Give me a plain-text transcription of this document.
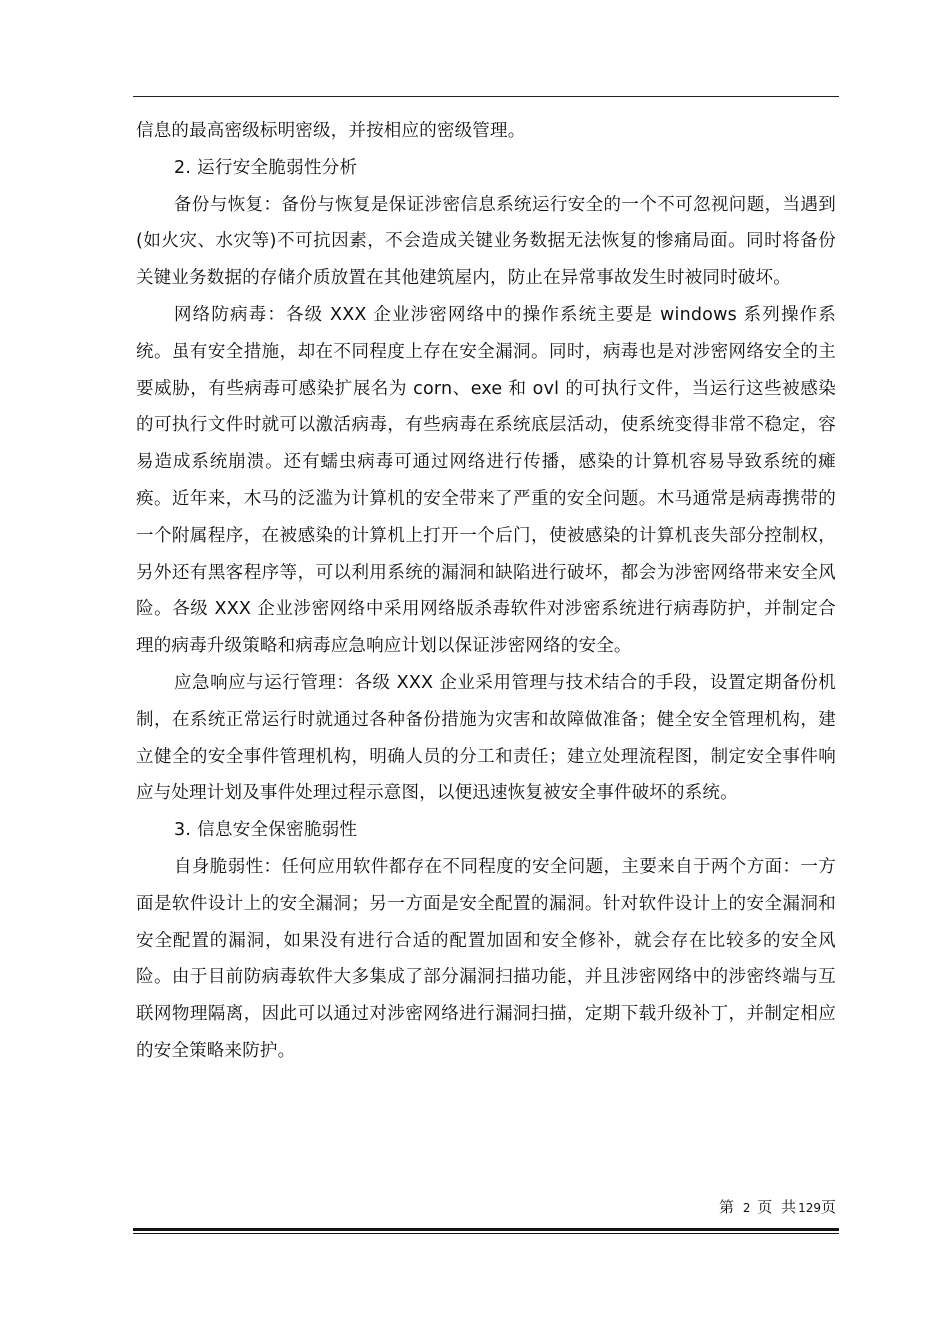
信息的最高密级标明密级，并按相应的密级管理。

2. 运行安全脆弱性分析

备份与恢复：备份与恢复是保证涉密信息系统运行安全的一个不可忽视问题，当遇到(如火灾、水灾等)不可抗因素，不会造成关键业务数据无法恢复的惨痛局面。同时将备份关键业务数据的存储介质放置在其他建筑屋内，防止在异常事故发生时被同时破坏。

网络防病毒：各级 XXX 企业涉密网络中的操作系统主要是 windows 系列操作系统。虽有安全措施，却在不同程度上存在安全漏洞。同时，病毒也是对涉密网络安全的主要威胁，有些病毒可感染扩展名为 corn、exe 和 ovl 的可执行文件，当运行这些被感染的可执行文件时就可以激活病毒，有些病毒在系统底层活动，使系统变得非常不稳定，容易造成系统崩溃。还有蠕虫病毒可通过网络进行传播，感染的计算机容易导致系统的瘫痪。近年来，木马的泛滥为计算机的安全带来了严重的安全问题。木马通常是病毒携带的一个附属程序，在被感染的计算机上打开一个后门，使被感染的计算机丧失部分控制权，另外还有黑客程序等，可以利用系统的漏洞和缺陷进行破坏，都会为涉密网络带来安全风险。各级 XXX 企业涉密网络中采用网络版杀毒软件对涉密系统进行病毒防护，并制定合理的病毒升级策略和病毒应急响应计划以保证涉密网络的安全。

应急响应与运行管理：各级 XXX 企业采用管理与技术结合的手段，设置定期备份机制，在系统正常运行时就通过各种备份措施为灾害和故障做准备；健全安全管理机构，建立健全的安全事件管理机构，明确人员的分工和责任；建立处理流程图，制定安全事件响应与处理计划及事件处理过程示意图，以便迅速恢复被安全事件破坏的系统。

3. 信息安全保密脆弱性

自身脆弱性：任何应用软件都存在不同程度的安全问题，主要来自于两个方面：一方面是软件设计上的安全漏洞；另一方面是安全配置的漏洞。针对软件设计上的安全漏洞和安全配置的漏洞，如果没有进行合适的配置加固和安全修补，就会存在比较多的安全风险。由于目前防病毒软件大多集成了部分漏洞扫描功能，并且涉密网络中的涉密终端与互联网物理隔离，因此可以通过对涉密网络进行漏洞扫描，定期下载升级补丁，并制定相应的安全策略来防护。

第 2 页 共129页
